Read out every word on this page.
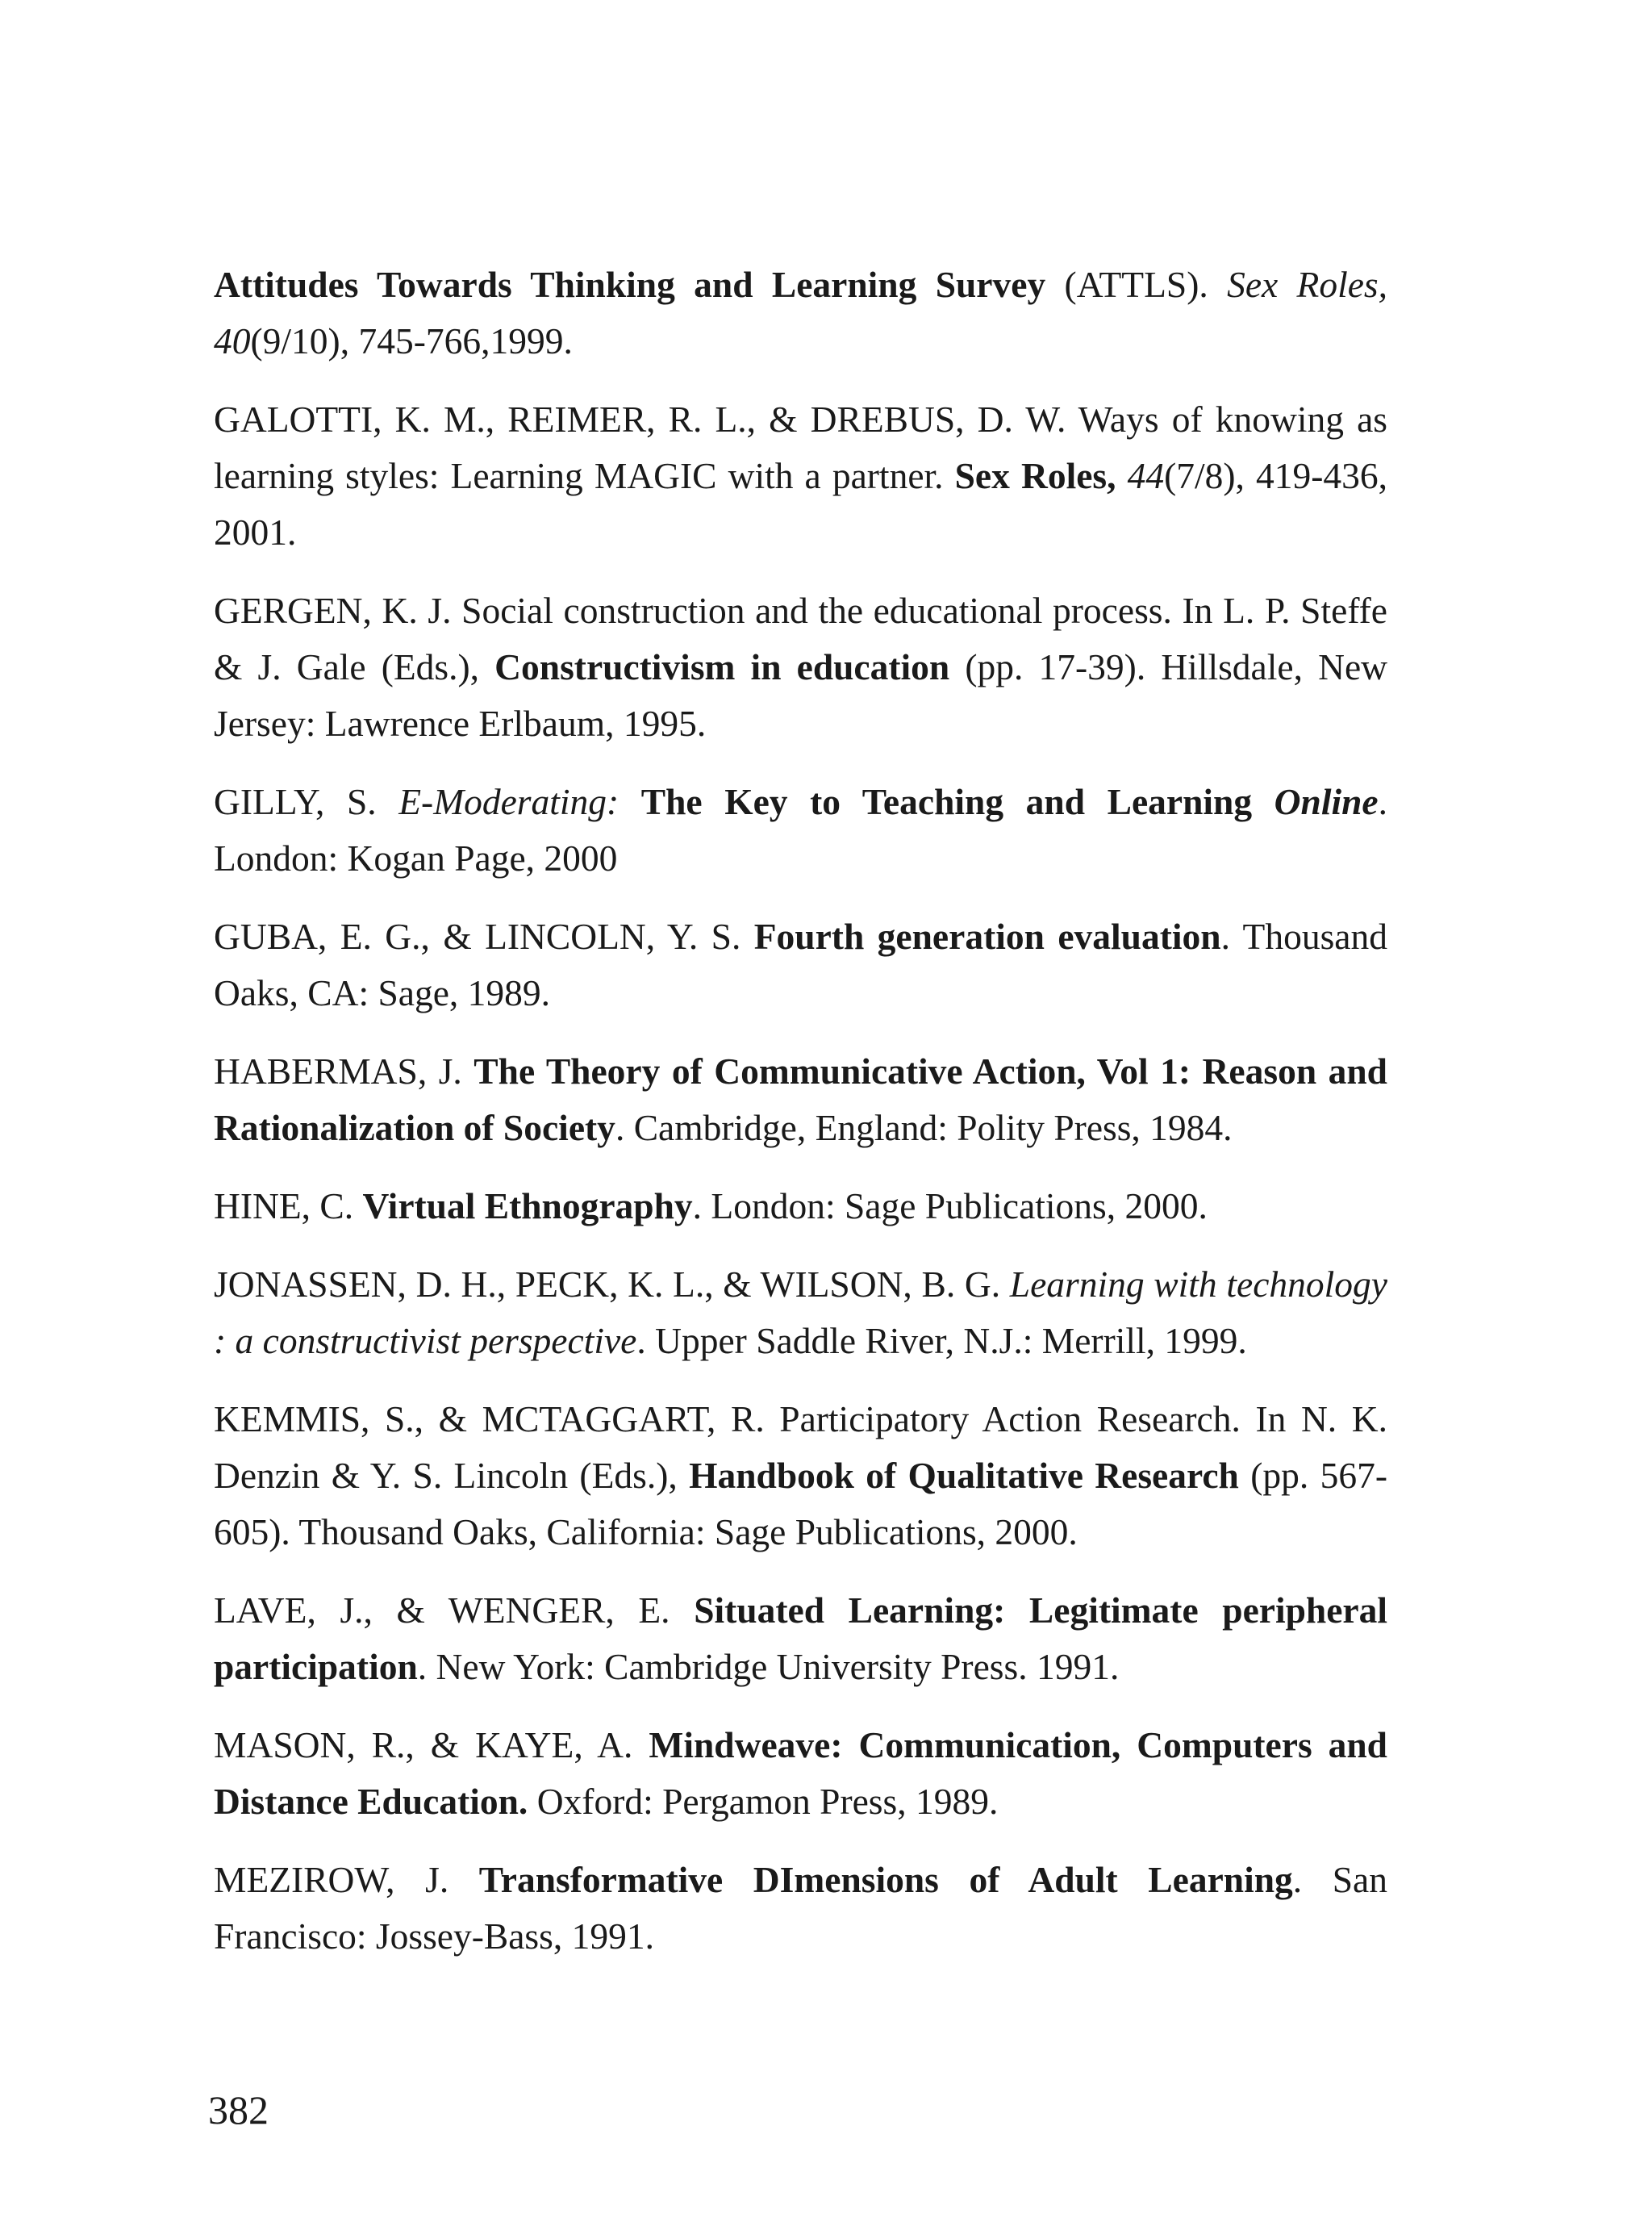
Attitudes Towards Thinking and Learning Survey (ATTLS). Sex Roles, 40(9/10), 745-766,1999.

GALOTTI, K. M., REIMER, R. L., & DREBUS, D. W. Ways of knowing as learning styles: Learning MAGIC with a partner. Sex Roles, 44(7/8), 419-436, 2001.

GERGEN, K. J. Social construction and the educational process. In L. P. Steffe & J. Gale (Eds.), Constructivism in education (pp. 17-39). Hillsdale, New Jersey: Lawrence Erlbaum, 1995.

GILLY, S. E-Moderating: The Key to Teaching and Learning Online. London: Kogan Page, 2000

GUBA, E. G., & LINCOLN, Y. S. Fourth generation evaluation. Thousand Oaks, CA: Sage, 1989.

HABERMAS, J. The Theory of Communicative Action, Vol 1: Reason and Rationalization of Society. Cambridge, England: Polity Press, 1984.

HINE, C. Virtual Ethnography. London: Sage Publications, 2000.

JONASSEN, D. H., PECK, K. L., & WILSON, B. G. Learning with technology : a constructivist perspective. Upper Saddle River, N.J.: Merrill, 1999.

KEMMIS, S., & MCTAGGART, R. Participatory Action Research. In N. K. Denzin & Y. S. Lincoln (Eds.), Handbook of Qualitative Research (pp. 567-605). Thousand Oaks, California: Sage Publications, 2000.

LAVE, J., & WENGER, E. Situated Learning: Legitimate peripheral participation. New York: Cambridge University Press. 1991.

MASON, R., & KAYE, A. Mindweave: Communication, Computers and Distance Education. Oxford: Pergamon Press, 1989.

MEZIROW, J. Transformative DImensions of Adult Learning. San Francisco: Jossey-Bass, 1991.

382
